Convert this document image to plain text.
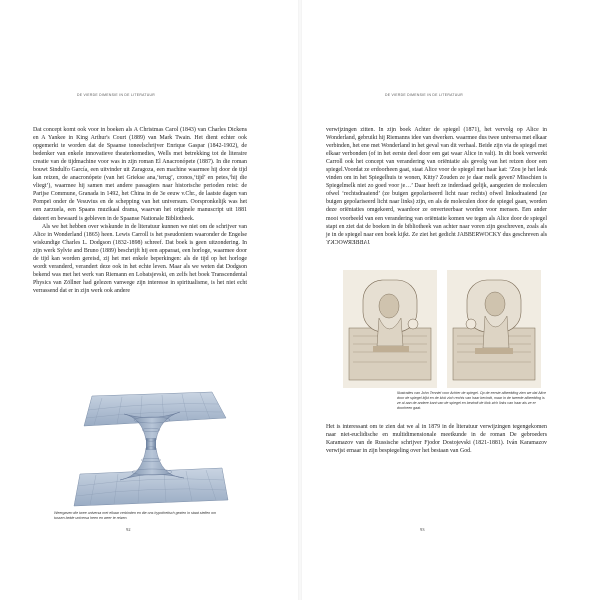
DE VIERDE DIMENSIE IN DE LITERATUUR

Dat concept komt ook voor in boeken als A Christmas Carol (1843) van Charles Dickens en A Yankee in King Arthur's Court (1889) van Mark Twain. Het dient echter ook opgemerkt te worden dat de Spaanse toneelschrijver Enrique Gaspar (1842-1902), de bedenker van enkele innovatieve theaterkomedies, Wells met betrekking tot de literaire creatie van de tijdmachine voor was in zijn roman El Anacronópete (1887). In die roman bouwt Sindulfo García, een uitvinder uit Zaragoza, een machine waarmee hij door de tijd kan reizen, de anacronópete (van het Griekse ana,‘terug’, cronos,‘tijd’ en petes,‘hij die vliegt’), waarmee hij samen met andere passagiers naar historische perioden reist: de Parijse Commune, Granada in 1492, het China in de 3e eeuw v.Chr., de laatste dagen van Pompeï onder de Vesuvius en de schepping van het universum. Oorspronkelijk was het een zarzuela, een Spaans muzikaal drama, waarvan het originele manuscript uit 1881 dateert en bewaard is gebleven in de Spaanse Nationale Bibliotheek.

Als we het hebben over wiskunde in de literatuur kunnen we niet om de schrijver van Alice in Wonderland (1865) heen. Lewis Carroll is het pseudoniem waaronder de Engelse wiskundige Charles L. Dodgson (1832-1898) schreef. Dat boek is geen uitzondering. In zijn werk Sylvie and Bruno (1889) beschrijft hij een apparaat, een horloge, waarmee door de tijd kan worden gereisd, zij het met enkele beperkingen: als de tijd op het horloge wordt veranderd, verandert deze ook in het echte leven. Maar als we weten dat Dodgson bekend was met het werk van Riemann en Lobatsjevski, en zelfs het boek Transcendental Physics van Zöllner had gelezen vanwege zijn interesse in spiritualisme, is het niet echt verrassend dat er in zijn werk ook andere

Weergaven die twee universa met elkaar verbinden en die ons hypothetisch gezien in staat stellen om tussen beide universa heen en weer te reizen.
92
DE VIERDE DIMENSIE IN DE LITERATUUR

verwijzingen zitten. In zijn boek Achter de spiegel (1871), het vervolg op Alice in Wonderland, gebruikt hij Riemanns idee van dwerken. waarmee dus twee universa met elkaar verbinden, het ene met Wonderland in het geval van dit verhaal. Beide zijn via de spiegel met elkaar verbonden (of in het eerste deel door een gat waar Alice in valt). In dit boek verwerkt Carroll ook het concept van verandering van oriëntatie als gevolg van het reizen door een spiegel.Voordat ze erdoorheen gaat, staat Alice voor de spiegel met haar kat: ‘Zou je het leuk vinden om in het Spiegelhuis te wonen, Kitty? Zouden ze je daar melk geven? Misschien is Spiegelmelk niet zo goed voor je…’ Daar heeft ze inderdaad gelijk, aangezien de moleculen ofwel ‘rechtsdraaiend’ (ze buigen gepolariseerd licht naar rechts) ofwel linksdraaiend (ze buigen gepolariseerd licht naar links) zijn, en als de moleculen door de spiegel gaan, worden deze oriëntaties omgekeerd, waardoor ze onverteerbaar worden voor mensen. Een ander mooi voorbeeld van een verandering van oriëntatie komen we tegen als Alice door de spiegel stapt en ziet dat de boeken in de bibliotheek van achter naar voren zijn geschreven, zoals als je in de spiegel naar een boek kijkt. Ze ziet het gedicht JABBERWOCKY dus geschreven als JABBERWOCKY

Illustraties van John Tenniel voor Achter de spiegel. Op de eerste afbeelding zien we dat Alice door de spiegel kijkt en de klok zich rechts van haar bevindt, maar in de tweede afbeelding is ze al aan de andere kant van de spiegel en bevindt de klok zich links van haar als ze er doorheen gaat.

Het is interessant om te zien dat we al in 1879 in de literatuur verwijzingen tegengekomen naar niet-euclidische en multidimensionale meetkunde in de roman De gebroeders Karamazov van de Russische schrijver Fjodor Dostojevski (1821-1881). Iván Karamazov verwijst ernaar in zijn bespiegeling over het bestaan van God.

93
